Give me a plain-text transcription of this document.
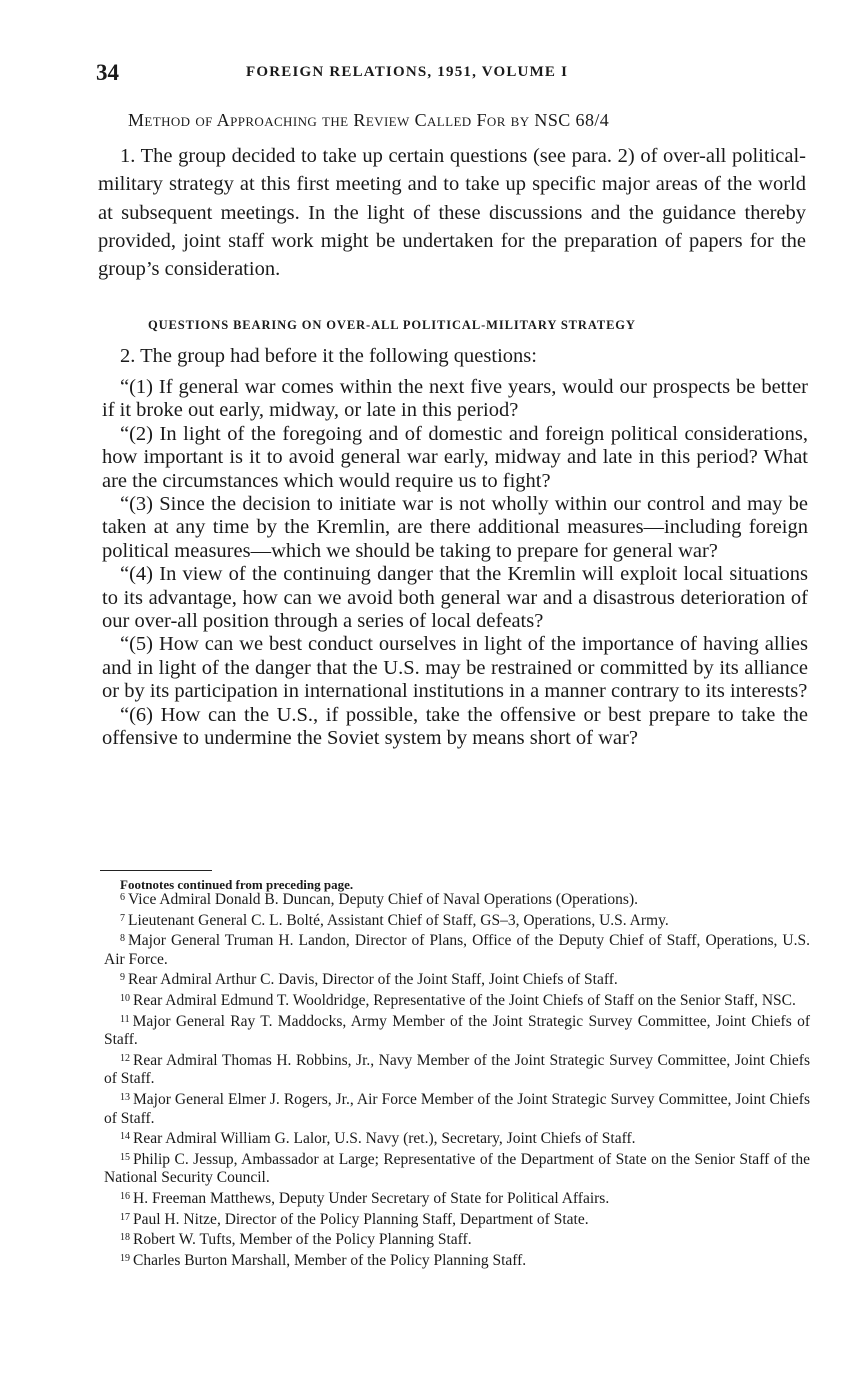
34	FOREIGN RELATIONS, 1951, VOLUME I
Method of Approaching the Review Called For by NSC 68/4

1. The group decided to take up certain questions (see para. 2) of over-all political-military strategy at this first meeting and to take up specific major areas of the world at subsequent meetings. In the light of these discussions and the guidance thereby provided, joint staff work might be undertaken for the preparation of papers for the group’s consideration.

QUESTIONS BEARING ON OVER-ALL POLITICAL-MILITARY STRATEGY
2. The group had before it the following questions:

“(1) If general war comes within the next five years, would our prospects be better if it broke out early, midway, or late in this period?

“(2) In light of the foregoing and of domestic and foreign political considerations, how important is it to avoid general war early, midway and late in this period? What are the circumstances which would require us to fight?

“(3) Since the decision to initiate war is not wholly within our control and may be taken at any time by the Kremlin, are there additional measures—including foreign political measures—which we should be taking to prepare for general war?

“(4) In view of the continuing danger that the Kremlin will exploit local situations to its advantage, how can we avoid both general war and a disastrous deterioration of our over-all position through a series of local defeats?

“(5) How can we best conduct ourselves in light of the importance of having allies and in light of the danger that the U.S. may be restrained or committed by its alliance or by its participation in international institutions in a manner contrary to its interests?

“(6) How can the U.S., if possible, take the offensive or best prepare to take the offensive to undermine the Soviet system by means short of war?

Footnotes continued from preceding page.

$^6$ Vice Admiral Donald B. Duncan, Deputy Chief of Naval Operations (Operations).

$^7$ Lieutenant General C. L. Bolté, Assistant Chief of Staff, GS–3, Operations, U.S. Army.

$^8$ Major General Truman H. Landon, Director of Plans, Office of the Deputy Chief of Staff, Operations, U.S. Air Force.

$^9$ Rear Admiral Arthur C. Davis, Director of the Joint Staff, Joint Chiefs of Staff.

$^{10}$ Rear Admiral Edmund T. Wooldridge, Representative of the Joint Chiefs of Staff on the Senior Staff, NSC.

$^{11}$ Major General Ray T. Maddocks, Army Member of the Joint Strategic Survey Committee, Joint Chiefs of Staff.

$^{12}$ Rear Admiral Thomas H. Robbins, Jr., Navy Member of the Joint Strategic Survey Committee, Joint Chiefs of Staff.

$^{13}$ Major General Elmer J. Rogers, Jr., Air Force Member of the Joint Strategic Survey Committee, Joint Chiefs of Staff.

$^{14}$ Rear Admiral William G. Lalor, U.S. Navy (ret.), Secretary, Joint Chiefs of Staff.

$^{15}$ Philip C. Jessup, Ambassador at Large; Representative of the Department of State on the Senior Staff of the National Security Council.

$^{16}$ H. Freeman Matthews, Deputy Under Secretary of State for Political Affairs.

$^{17}$ Paul H. Nitze, Director of the Policy Planning Staff, Department of State.

$^{18}$ Robert W. Tufts, Member of the Policy Planning Staff.

$^{19}$ Charles Burton Marshall, Member of the Policy Planning Staff.
